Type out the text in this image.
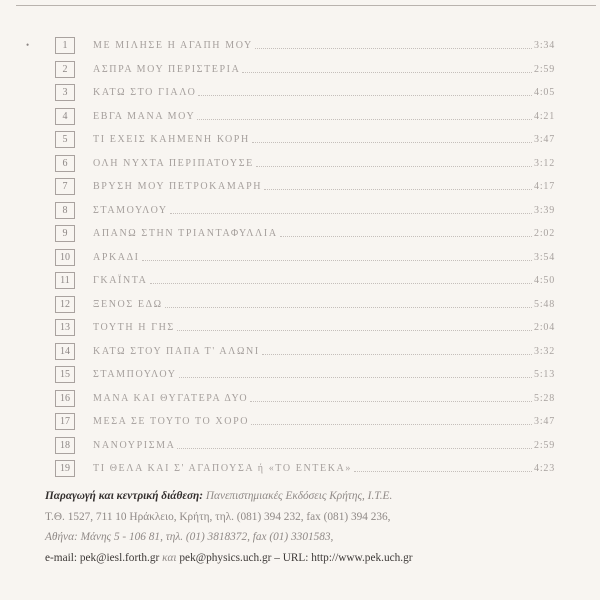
•	1	ΜΕ ΜΙΛΗΣΕ Η ΑΓΑΠΗ ΜΟΥ	3:34
2	ΑΣΠΡΑ ΜΟΥ ΠΕΡΙΣΤΕΡΙΑ	2:59
3	ΚΑΤΩ ΣΤΟ ΓΙΑΛΟ	4:05
4	ΕΒΓΑ ΜΑΝΑ ΜΟΥ	4:21
5	ΤΙ ΕΧΕΙΣ ΚΑΗΜΕΝΗ ΚΟΡΗ	3:47
6	ΟΛΗ ΝΥΧΤΑ ΠΕΡΙΠΑΤΟΥΣΕ	3:12
7	ΒΡΥΣΗ ΜΟΥ ΠΕΤΡΟΚΑΜΑΡΗ	4:17
8	ΣΤΑΜΟΥΛΟΥ	3:39
9	ΑΠΑΝΩ ΣΤΗΝ ΤΡΙΑΝΤΑΦΥΛΛΙΑ	2:02
10	ΑΡΚΑΔΙ	3:54
11	ΓΚΑΪΝΤΑ	4:50
12	ΞΕΝΟΣ ΕΔΩ	5:48
13	ΤΟΥΤΗ Η ΓΗΣ	2:04
14	ΚΑΤΩ ΣΤΟΥ ΠΑΠΑ Τ' ΑΛΩΝΙ	3:32
15	ΣΤΑΜΠΟΥΛΟΥ	5:13
16	ΜΑΝΑ ΚΑΙ ΘΥΓΑΤΕΡΑ ΔΥΟ	5:28
17	ΜΕΣΑ ΣΕ ΤΟΥΤΟ ΤΟ ΧΟΡΟ	3:47
18	ΝΑΝΟΥΡΙΣΜΑ	2:59
19	ΤΙ ΘΕΛΑ ΚΑΙ Σ' ΑΓΑΠΟΥΣΑ ή «ΤΟ ΕΝΤΕΚΑ»	4:23

Παραγωγή και κεντρική διάθεση: Πανεπιστημιακές Εκδόσεις Κρήτης, Ι.Τ.Ε.

Τ.Θ. 1527, 711 10 Ηράκλειο, Κρήτη, τηλ. (081) 394 232, fax (081) 394 236,

Αθήνα: Μάνης 5 - 106 81, τηλ. (01) 3818372, fax (01) 3301583,

e-mail: pek@iesl.forth.gr και pek@physics.uch.gr – URL: http://www.pek.uch.gr
